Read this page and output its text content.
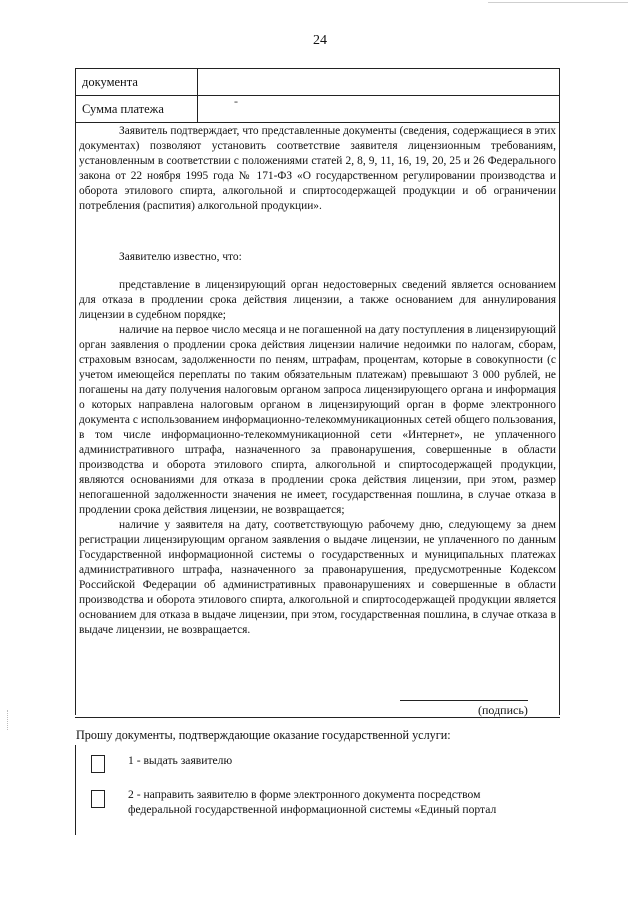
24
документа
Сумма платежа
-

Заявитель подтверждает, что представленные документы (сведения, содержащиеся в этих документах) позволяют установить соответствие заявителя лицензионным требованиям, установленным в соответствии с положениями статей 2, 8, 9, 11, 16, 19, 20, 25 и 26 Федерального закона от 22 ноября 1995 года № 171-ФЗ «О государственном регулировании производства и оборота этилового спирта, алкогольной и спиртосодержащей продукции и об ограничении потребления (распития) алкогольной продукции».

Заявителю известно, что:

представление в лицензирующий орган недостоверных сведений является основанием для отказа в продлении срока действия лицензии, а также основанием для аннулирования лицензии в судебном порядке;

наличие на первое число месяца и не погашенной на дату поступления в лицензирующий орган заявления о продлении срока действия лицензии наличие недоимки по налогам, сборам, страховым взносам, задолженности по пеням, штрафам, процентам, которые в совокупности (с учетом имеющейся переплаты по таким обязательным платежам) превышают 3 000 рублей, не погашены на дату получения налоговым органом запроса лицензирующего органа и информация о которых направлена налоговым органом в лицензирующий орган в форме электронного документа с использованием информационно-телекоммуникационных сетей общего пользования, в том числе информационно-телекоммуникационной сети «Интернет», не уплаченного административного штрафа, назначенного за правонарушения, совершенные в области производства и оборота этилового спирта, алкогольной и спиртосодержащей продукции, являются основаниями для отказа в продлении срока действия лицензии, при этом, размер непогашенной задолженности значения не имеет, государственная пошлина, в случае отказа в продлении срока действия лицензии, не возвращается;

наличие у заявителя на дату, соответствующую рабочему дню, следующему за днем регистрации лицензирующим органом заявления о выдаче лицензии, не уплаченного по данным Государственной информационной системы о государственных и муниципальных платежах административного штрафа, назначенного за правонарушения, предусмотренные Кодексом Российской Федерации об административных правонарушениях и совершенные в области производства и оборота этилового спирта, алкогольной и спиртосодержащей продукции является основанием для отказа в выдаче лицензии, при этом, государственная пошлина, в случае отказа в выдаче лицензии, не возвращается.

(подпись)
Прошу документы, подтверждающие оказание государственной услуги:
1 - выдать заявителю
2 - направить заявителю в форме электронного документа посредством федеральной государственной информационной системы «Единый портал
